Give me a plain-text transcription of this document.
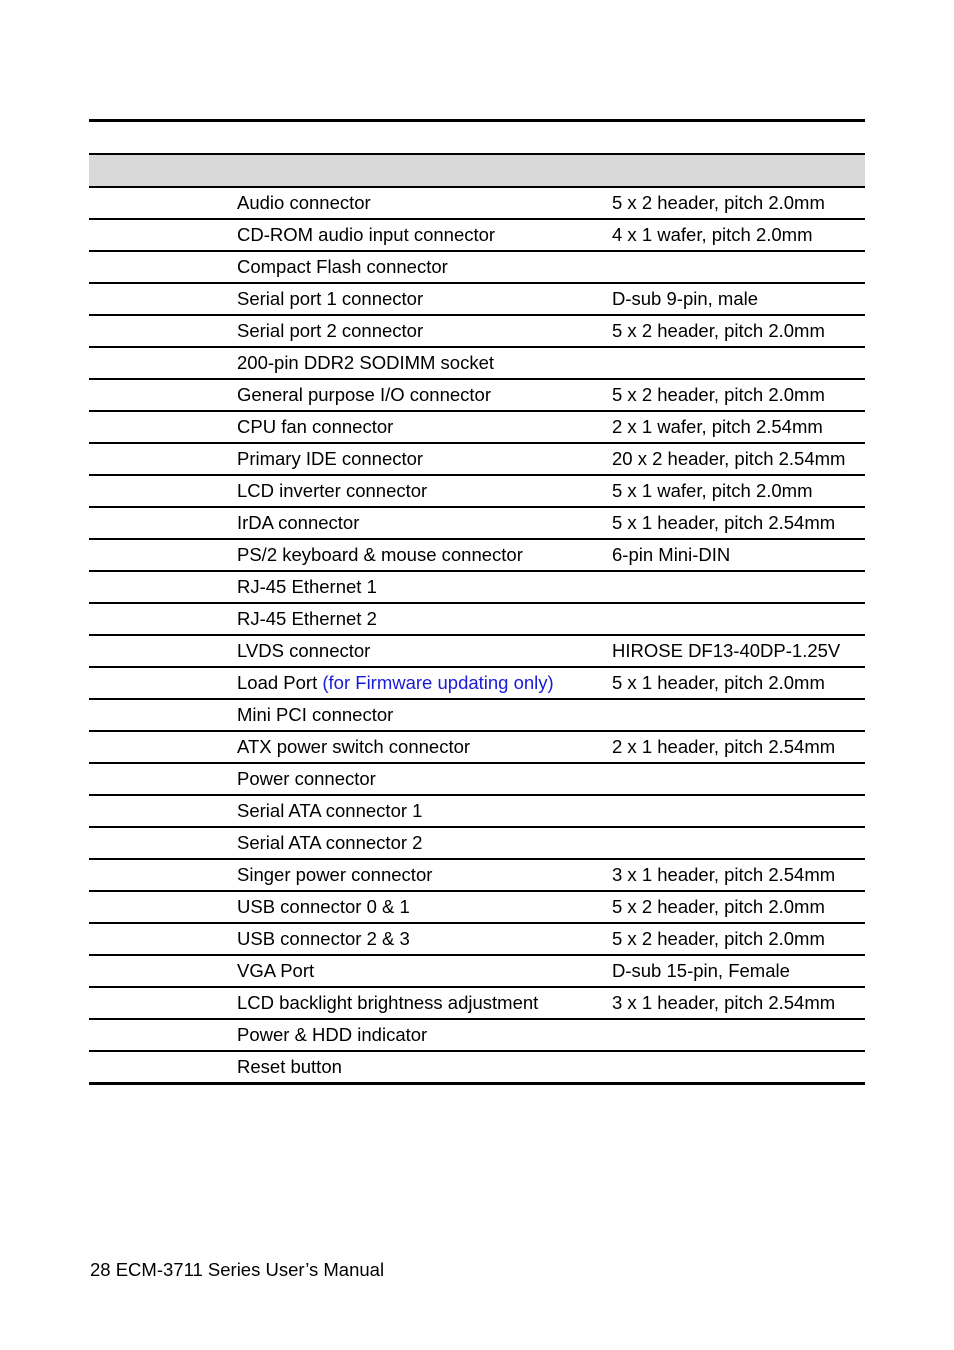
Audio connector	5 x 2 header, pitch 2.0mm
CD-ROM audio input connector	4 x 1 wafer, pitch 2.0mm
Compact Flash connector
Serial port 1 connector	D-sub 9-pin, male
Serial port 2 connector	5 x 2 header, pitch 2.0mm
200-pin DDR2 SODIMM socket
General purpose I/O connector	5 x 2 header, pitch 2.0mm
CPU fan connector	2 x 1 wafer, pitch 2.54mm
Primary IDE connector	20 x 2 header, pitch 2.54mm
LCD inverter connector	5 x 1 wafer, pitch 2.0mm
IrDA connector	5 x 1 header, pitch 2.54mm
PS/2 keyboard & mouse connector	6-pin Mini-DIN
RJ-45 Ethernet 1
RJ-45 Ethernet 2
LVDS connector	HIROSE DF13-40DP-1.25V
Load Port (for Firmware updating only)	5 x 1 header, pitch 2.0mm
Mini PCI connector
ATX power switch connector	2 x 1 header, pitch 2.54mm
Power connector
Serial ATA connector 1
Serial ATA connector 2
Singer power connector	3 x 1 header, pitch 2.54mm
USB connector 0 & 1	5 x 2 header, pitch 2.0mm
USB connector 2 & 3	5 x 2 header, pitch 2.0mm
VGA Port	D-sub 15-pin, Female
LCD backlight brightness adjustment	3 x 1 header, pitch 2.54mm
Power & HDD indicator
Reset button
28 ECM-3711 Series User’s Manual
